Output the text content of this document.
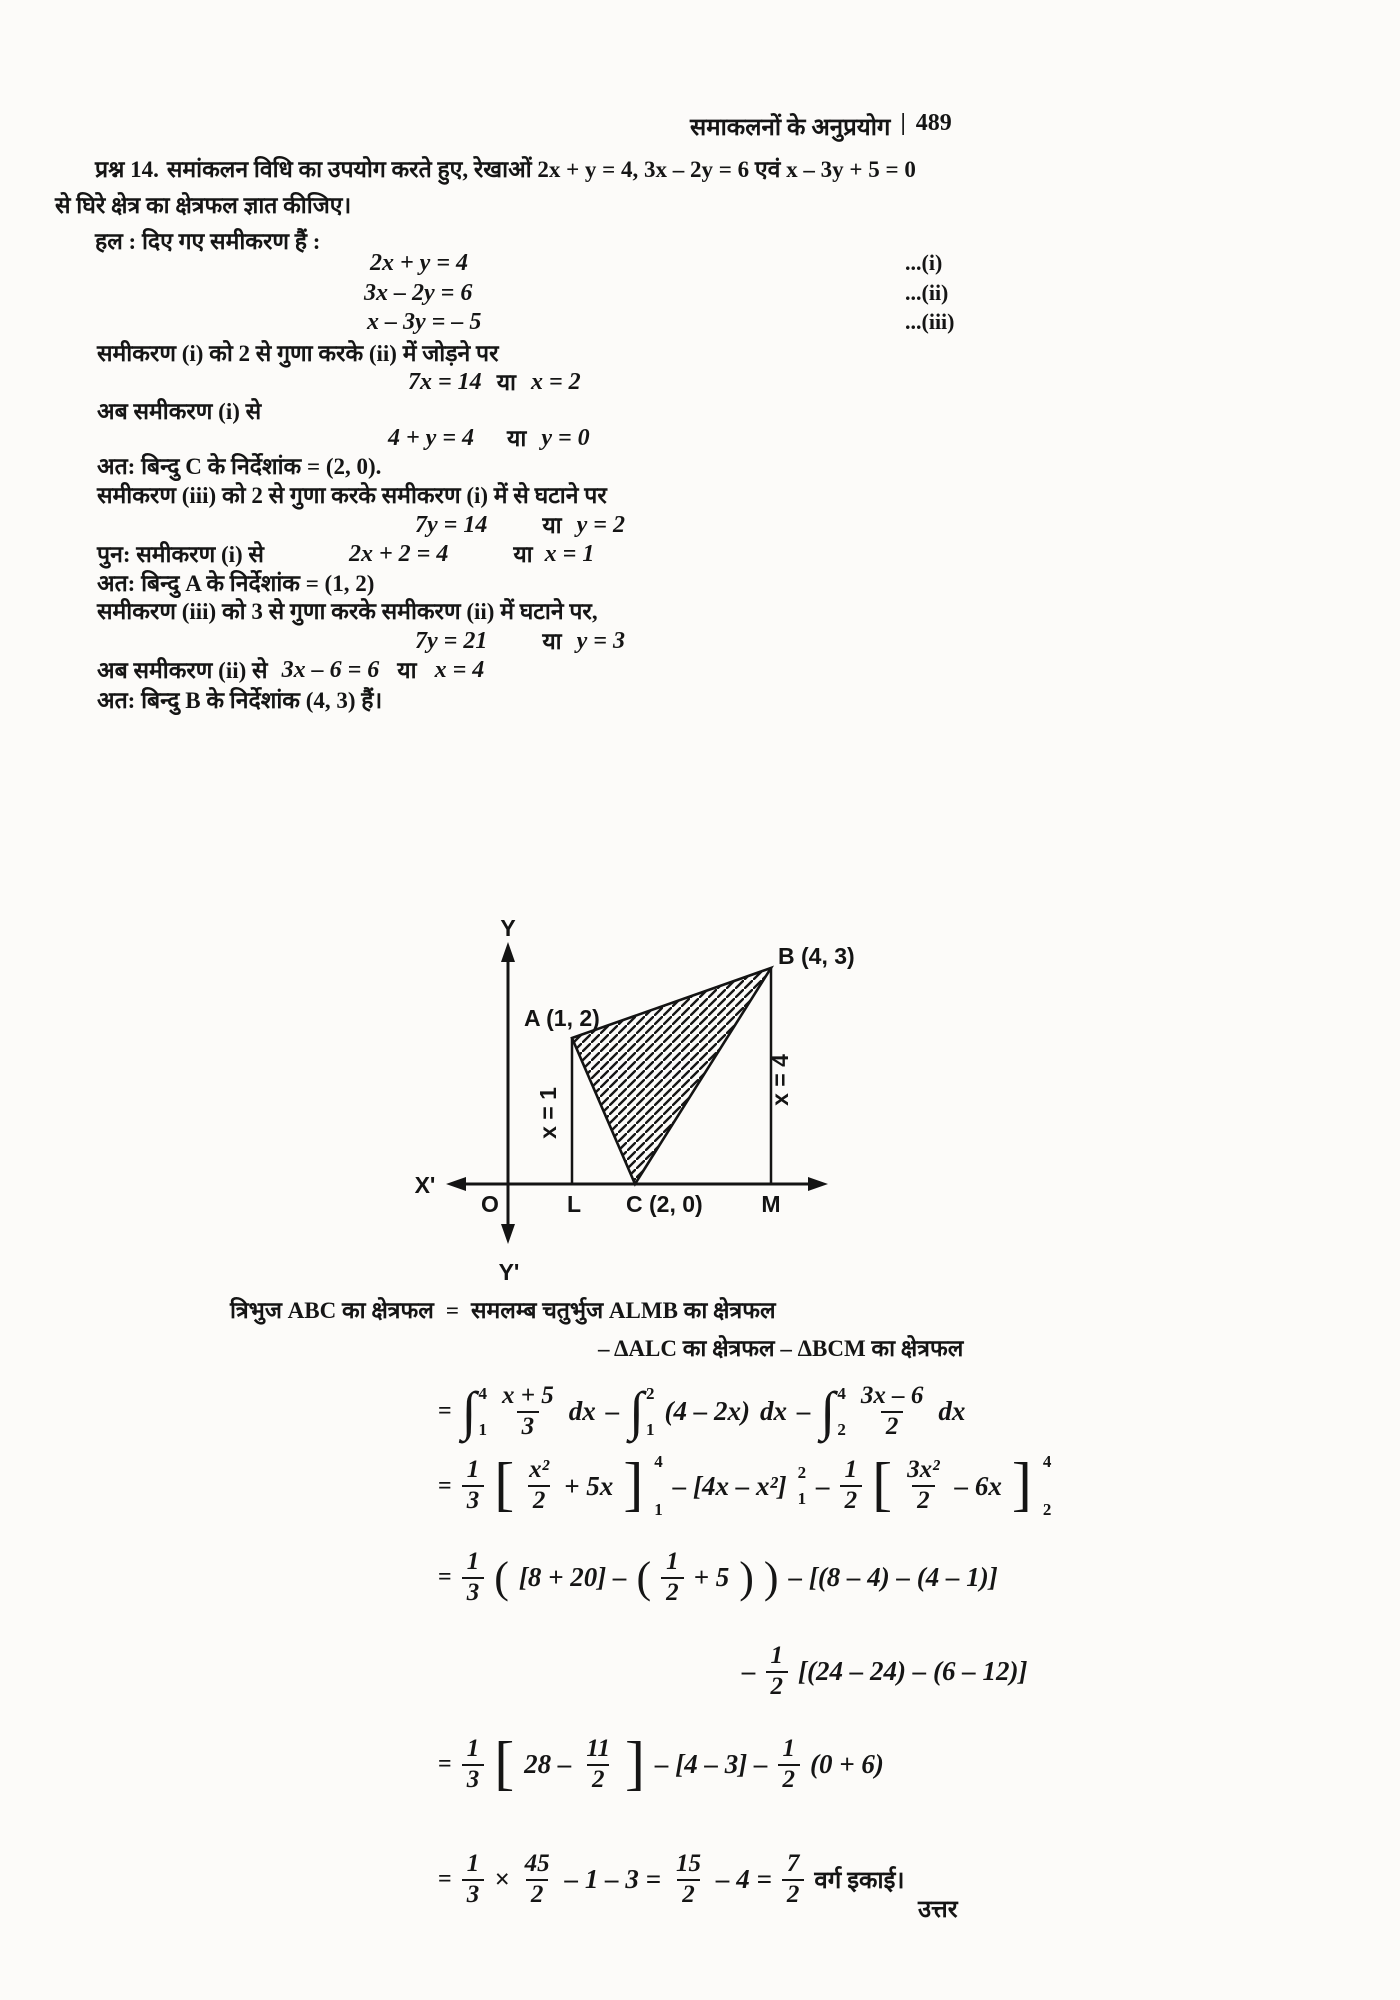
समाकलनों के अनुप्रयोग | 489
प्रश्न 14. समांकलन विधि का उपयोग करते हुए, रेखाओं 2x + y = 4, 3x – 2y = 6 एवं x – 3y + 5 = 0
से घिरे क्षेत्र का क्षेत्रफल ज्ञात कीजिए।
हल : दिए गए समीकरण हैं :
2x + y = 4	...(i)
3x – 2y = 6	...(ii)
x – 3y = – 5	...(iii)
समीकरण (i) को 2 से गुणा करके (ii) में जोड़ने पर
7x = 14 या x = 2
अब समीकरण (i) से
4 + y = 4 या y = 0
अत: बिन्दु C के निर्देशांक = (2, 0).
समीकरण (iii) को 2 से गुणा करके समीकरण (i) में से घटाने पर
7y = 14 या y = 2
पुन: समीकरण (i) से	2x + 2 = 4	या x = 1
अत: बिन्दु A के निर्देशांक = (1, 2)
समीकरण (iii) को 3 से गुणा करके समीकरण (ii) में घटाने पर,
7y = 21 या y = 3
अब समीकरण (ii) से 3x – 6 = 6 या x = 4
अत: बिन्दु B के निर्देशांक (4, 3) हैं।
Y
Y'
X'
O	L C (2, 0)	M
A (1, 2)
B (4, 3)
x = 1
x = 4
त्रिभुज ABC का क्षेत्रफल = समलम्ब चतुर्भुज ALMB का क्षेत्रफल
– ΔALC का क्षेत्रफल – ΔBCM का क्षेत्रफल
= ∫ 4
$1 \frac{x + 5}{3}$ dx – ∫ 2
1
(4 – 2x) dx – ∫ 4
$2 \frac{3x - 6}{2}$ dx
= $\frac{1}{3}$ [ $\frac{\text{x²}}{2} + 5x$ ] 4
1
– [4x – x²] 2
$1 - \frac{1}{2}$ [ $\frac{\text{3x²}}{2} - 6x$ ] 4
2
= $\frac{1}{3}$ ( [8 + 20] – ( $\frac{1}{2} + 5$ ) ) – [(8 – 4) – (4 – 1)]
– $\frac{1}{2} [(24 - 24) - (6 - 12)]$
= $\frac{1}{3}$ [ $28 - \frac{11}{2}$ ] – $[4 - 3] - \frac{1}{2} (0 + 6)$
= $\frac{1}{3} \times \frac{45}{2} - 1 - 3 = \frac{15}{2} - 4 = \frac{7}{2}$ वर्ग इकाई।
उत्तर
